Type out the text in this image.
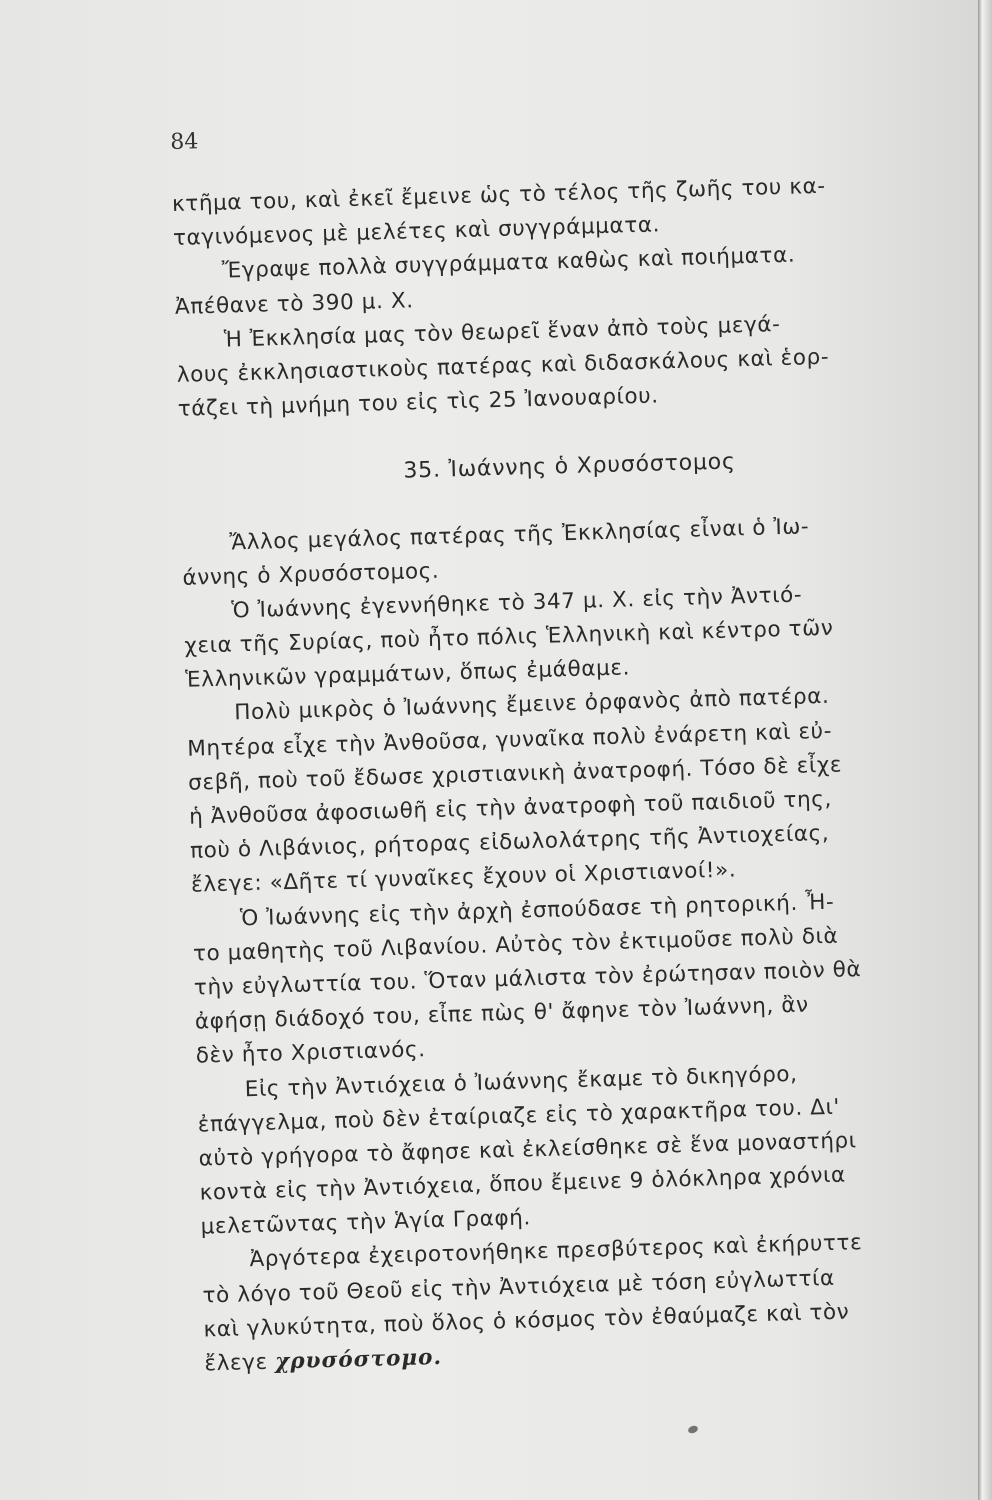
84
κτῆμα του, καὶ ἐκεῖ ἔμεινε ὡς τὸ τέλος τῆς ζωῆς του κα-
ταγινόμενος μὲ μελέτες καὶ συγγράμματα.
Ἔγραψε πολλὰ συγγράμματα καθὼς καὶ ποιήματα.
Ἀπέθανε τὸ 390 μ. Χ.
Ἡ Ἐκκλησία μας τὸν θεωρεῖ ἕναν ἀπὸ τοὺς μεγά-
λους ἐκκλησιαστικοὺς πατέρας καὶ διδασκάλους καὶ ἑορ-
τάζει τὴ μνήμη του εἰς τὶς 25 Ἰανουαρίου.
35. Ἰωάννης ὁ Χρυσόστομος
Ἄλλος μεγάλος πατέρας τῆς Ἐκκλησίας εἶναι ὁ Ἰω-
άννης ὁ Χρυσόστομος.
Ὁ Ἰωάννης ἐγεννήθηκε τὸ 347 μ. Χ. εἰς τὴν Ἀντιό-
χεια τῆς Συρίας, ποὺ ἦτο πόλις Ἑλληνικὴ καὶ κέντρο τῶν
Ἑλληνικῶν γραμμάτων, ὅπως ἐμάθαμε.
Πολὺ μικρὸς ὁ Ἰωάννης ἔμεινε ὀρφανὸς ἀπὸ πατέρα.
Μητέρα εἶχε τὴν Ἀνθοῦσα, γυναῖκα πολὺ ἐνάρετη καὶ εὐ-
σεβῆ, ποὺ τοῦ ἔδωσε χριστιανικὴ ἀνατροφή. Τόσο δὲ εἶχε
ἡ Ἀνθοῦσα ἀφοσιωθῆ εἰς τὴν ἀνατροφὴ τοῦ παιδιοῦ της,
ποὺ ὁ Λιβάνιος, ρήτορας εἰδωλολάτρης τῆς Ἀντιοχείας,
ἔλεγε: «Δῆτε τί γυναῖκες ἔχουν οἱ Χριστιανοί!».
Ὁ Ἰωάννης εἰς τὴν ἀρχὴ ἐσπούδασε τὴ ρητορική. Ἦ-
το μαθητὴς τοῦ Λιβανίου. Αὐτὸς τὸν ἐκτιμοῦσε πολὺ διὰ
τὴν εὐγλωττία του. Ὅταν μάλιστα τὸν ἐρώτησαν ποιὸν θὰ
ἀφήσῃ διάδοχό του, εἶπε πὼς θ' ἄφηνε τὸν Ἰωάννη, ἂν
δὲν ἦτο Χριστιανός.
Εἰς τὴν Ἀντιόχεια ὁ Ἰωάννης ἔκαμε τὸ δικηγόρο,
ἐπάγγελμα, ποὺ δὲν ἐταίριαζε εἰς τὸ χαρακτῆρα του. Δι'
αὐτὸ γρήγορα τὸ ἄφησε καὶ ἐκλείσθηκε σὲ ἕνα μοναστήρι
κοντὰ εἰς τὴν Ἀντιόχεια, ὅπου ἔμεινε 9 ὁλόκληρα χρόνια
μελετῶντας τὴν Ἁγία Γραφή.
Ἀργότερα ἐχειροτονήθηκε πρεσβύτερος καὶ ἐκήρυττε
τὸ λόγο τοῦ Θεοῦ εἰς τὴν Ἀντιόχεια μὲ τόση εὐγλωττία
καὶ γλυκύτητα, ποὺ ὅλος ὁ κόσμος τὸν ἐθαύμαζε καὶ τὸν
ἔλεγε χρυσόστομο.
